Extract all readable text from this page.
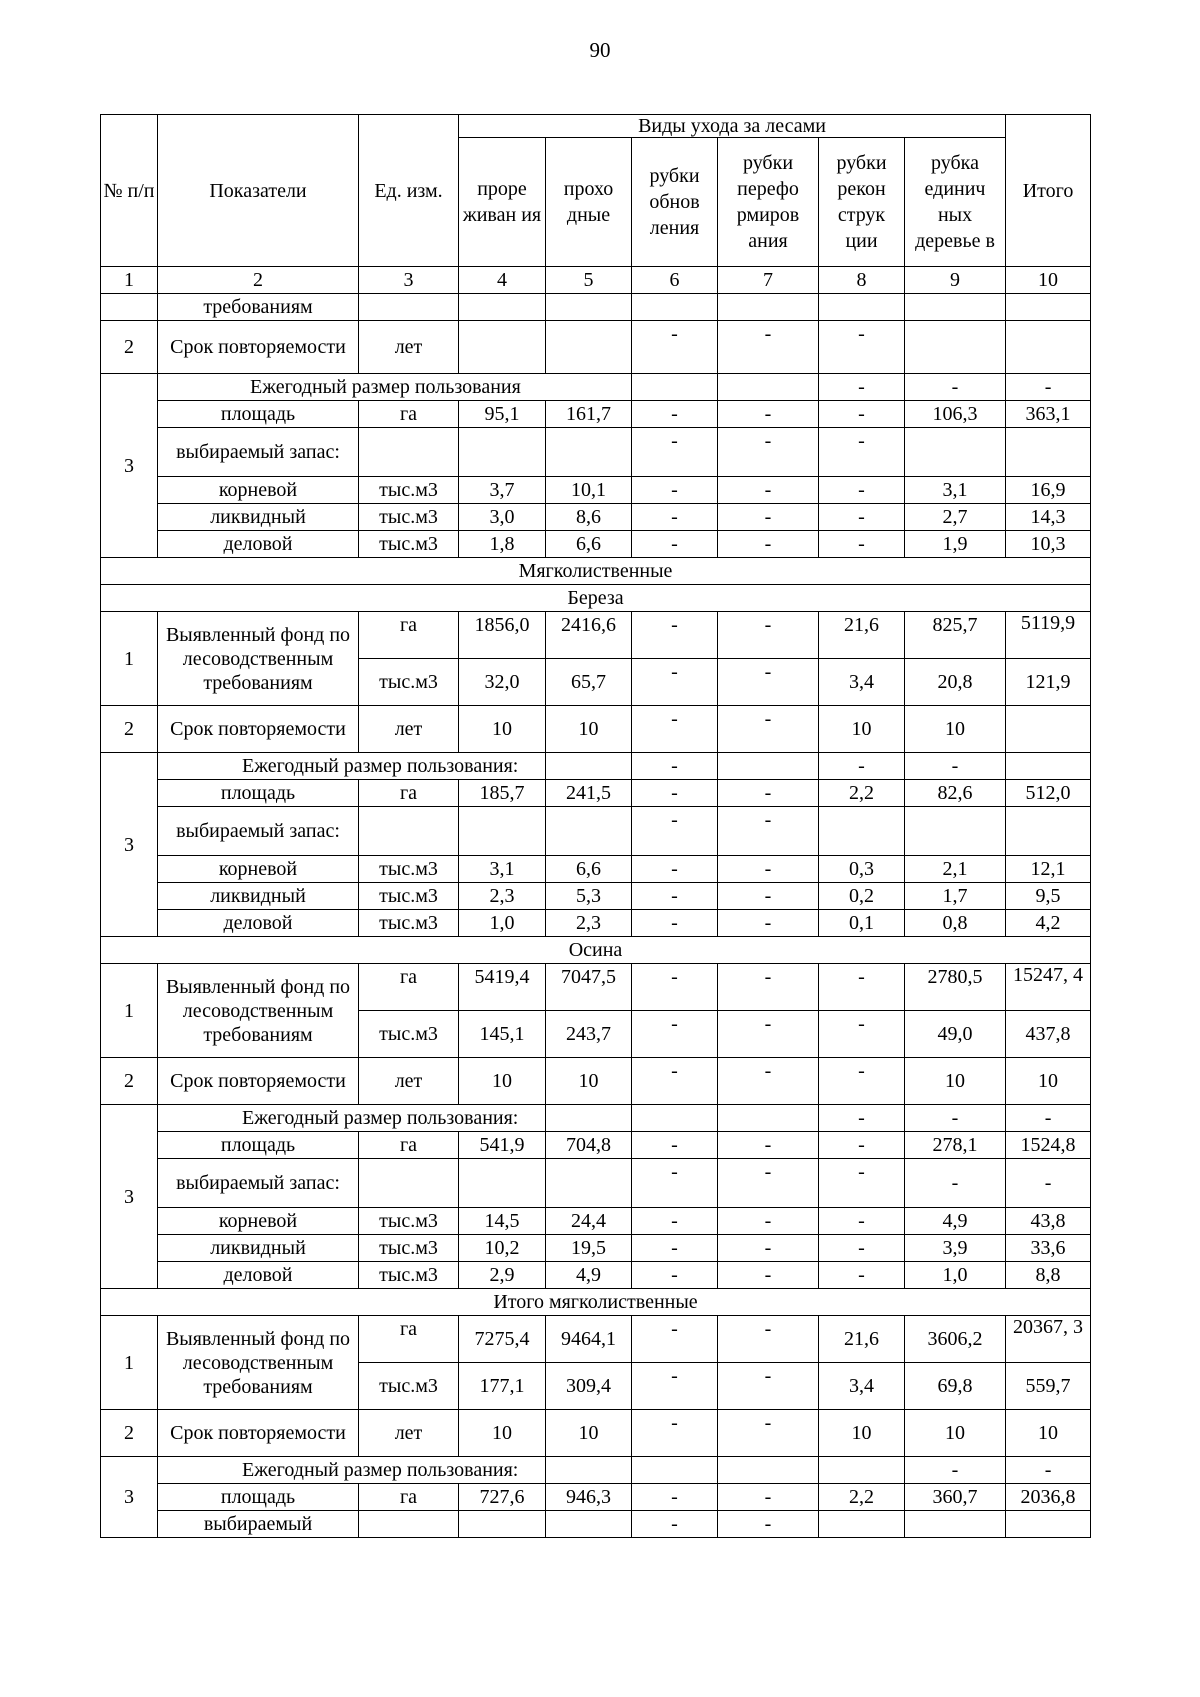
90
№ п/п	Показатели	Ед. изм.	Виды ухода за лесами						Итого	
			проре живан ия	прохо дные	рубки обнов ления	рубки перефо рмиров ания	рубки рекон струк ции	рубка единич ных деревье в		
1	2	3	4	5	6	7	8	9	10	
	требованиям									
2	Срок повторяемости	лет			-	-	-			
3	Ежегодный размер пользования						-	-	-	
	площадь	га	95,1	161,7	-	-	-	106,3	363,1	
	выбираемый запас:				-	-	-			
	корневой	тыс.м3	3,7	10,1	-	-	-	3,1	16,9	
	ликвидный	тыс.м3	3,0	8,6	-	-	-	2,7	14,3	
	деловой	тыс.м3	1,8	6,6	-	-	-	1,9	10,3	
Мягколиственные										
Береза										
1	Выявленный фонд по лесоводственным требованиям	га	1856,0	2416,6	-	-	21,6	825,7	5119,9	
		тыс.м3	32,0	65,7	-	-	3,4	20,8	121,9	
2	Срок повторяемости	лет	10	10	-	-	10	10		
3	Ежегодный размер пользования:				-		-	-		
	площадь	га	185,7	241,5	-	-	2,2	82,6	512,0	
	выбираемый запас:				-	-				
	корневой	тыс.м3	3,1	6,6	-	-	0,3	2,1	12,1	
	ликвидный	тыс.м3	2,3	5,3	-	-	0,2	1,7	9,5	
	деловой	тыс.м3	1,0	2,3	-	-	0,1	0,8	4,2	
Осина										
1	Выявленный фонд по лесоводственным требованиям	га	5419,4	7047,5	-	-	-	2780,5	15247, 4	
		тыс.м3	145,1	243,7	-	-	-	49,0	437,8	
2	Срок повторяемости	лет	10	10	-	-	-	10	10	
3	Ежегодный размер пользования:						-	-	-	
	площадь	га	541,9	704,8	-	-	-	278,1	1524,8	
	выбираемый запас:				-	-	-	-	-	
	корневой	тыс.м3	14,5	24,4	-	-	-	4,9	43,8	
	ликвидный	тыс.м3	10,2	19,5	-	-	-	3,9	33,6	
	деловой	тыс.м3	2,9	4,9	-	-	-	1,0	8,8	
Итого мягколиственные										
1	Выявленный фонд по лесоводственным требованиям	га	7275,4	9464,1	-	-	21,6	3606,2	20367, 3	
		тыс.м3	177,1	309,4	-	-	3,4	69,8	559,7	
2	Срок повторяемости	лет	10	10	-	-	10	10	10	
3	Ежегодный размер пользования:							-	-	
	площадь	га	727,6	946,3	-	-	2,2	360,7	2036,8	
	выбираемый				-	-				
